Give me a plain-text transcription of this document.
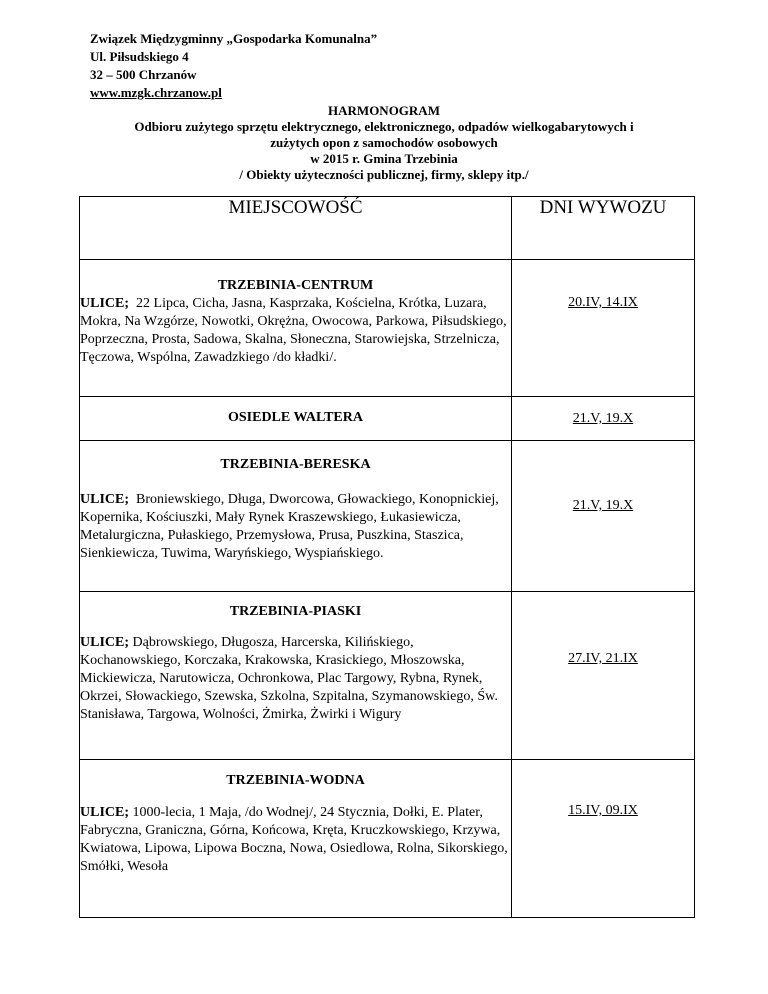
Związek Międzygminny „Gospodarka Komunalna”
Ul. Piłsudskiego 4
32 – 500 Chrzanów
www.mzgk.chrzanow.pl
HARMONOGRAM
Odbioru zużytego sprzętu elektrycznego, elektronicznego, odpadów wielkogabarytowych i
zużytych opon z samochodów osobowych
w 2015 r. Gmina Trzebinia
/ Obiekty użyteczności publicznej, firmy, sklepy itp./
MIEJSCOWOŚĆ	DNI WYWOZU

TRZEBINIA-CENTRUM
ULICE; 22 Lipca, Cicha, Jasna, Kasprzaka, Kościelna, Krótka, Luzara, Mokra, Na Wzgórze, Nowotki, Okrężna, Owocowa, Parkowa, Piłsudskiego, Poprzeczna, Prosta, Sadowa, Skalna, Słoneczna, Starowiejska, Strzelnicza, Tęczowa, Wspólna, Zawadzkiego /do kładki/.	20.IV, 14.IX

OSIEDLE WALTERA	21.V, 19.X

TRZEBINIA-BERESKA
ULICE; Broniewskiego, Długa, Dworcowa, Głowackiego, Konopnickiej, Kopernika, Kościuszki, Mały Rynek Kraszewskiego, Łukasiewicza, Metalurgiczna, Pułaskiego, Przemysłowa, Prusa, Puszkina, Staszica, Sienkiewicza, Tuwima, Waryńskiego, Wyspiańskiego.	21.V, 19.X

TRZEBINIA-PIASKI
ULICE; Dąbrowskiego, Długosza, Harcerska, Kilińskiego, Kochanowskiego, Korczaka, Krakowska, Krasickiego, Młoszowska, Mickiewicza, Narutowicza, Ochronkowa, Plac Targowy, Rybna, Rynek, Okrzei, Słowackiego, Szewska, Szkolna, Szpitalna, Szymanowskiego, Św. Stanisława, Targowa, Wolności, Żmirka, Żwirki i Wigury	27.IV, 21.IX

TRZEBINIA-WODNA
ULICE; 1000-lecia, 1 Maja, /do Wodnej/, 24 Stycznia, Dołki, E. Plater, Fabryczna, Graniczna, Górna, Końcowa, Kręta, Kruczkowskiego, Krzywa, Kwiatowa, Lipowa, Lipowa Boczna, Nowa, Osiedlowa, Rolna, Sikorskiego, Smółki, Wesoła	15.IV, 09.IX
